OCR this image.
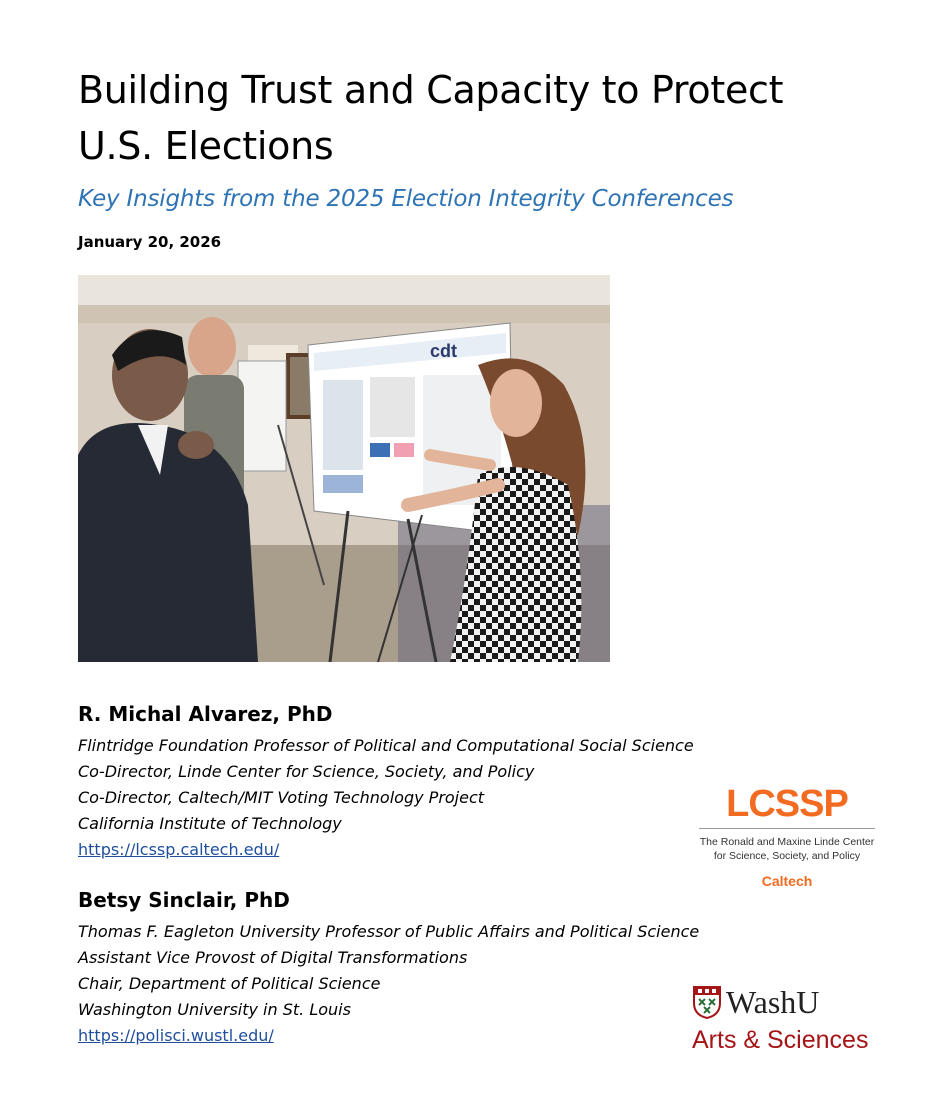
Building Trust and Capacity to Protect
U.S. Elections

Key Insights from the 2025 Election Integrity Conferences

January 20, 2026

cdt

R. Michal Alvarez, PhD

Flintridge Foundation Professor of Political and Computational Social Science

Co-Director, Linde Center for Science, Society, and Policy

Co-Director, Caltech/MIT Voting Technology Project

California Institute of Technology

https://lcssp.caltech.edu/

Betsy Sinclair, PhD

Thomas F. Eagleton University Professor of Public Affairs and Political Science

Assistant Vice Provost of Digital Transformations

Chair, Department of Political Science

Washington University in St. Louis

https://polisci.wustl.edu/
LCSSP
The Ronald and Maxine Linde Center
for Science, Society, and Policy
Caltech
WashU
Arts & Sciences
